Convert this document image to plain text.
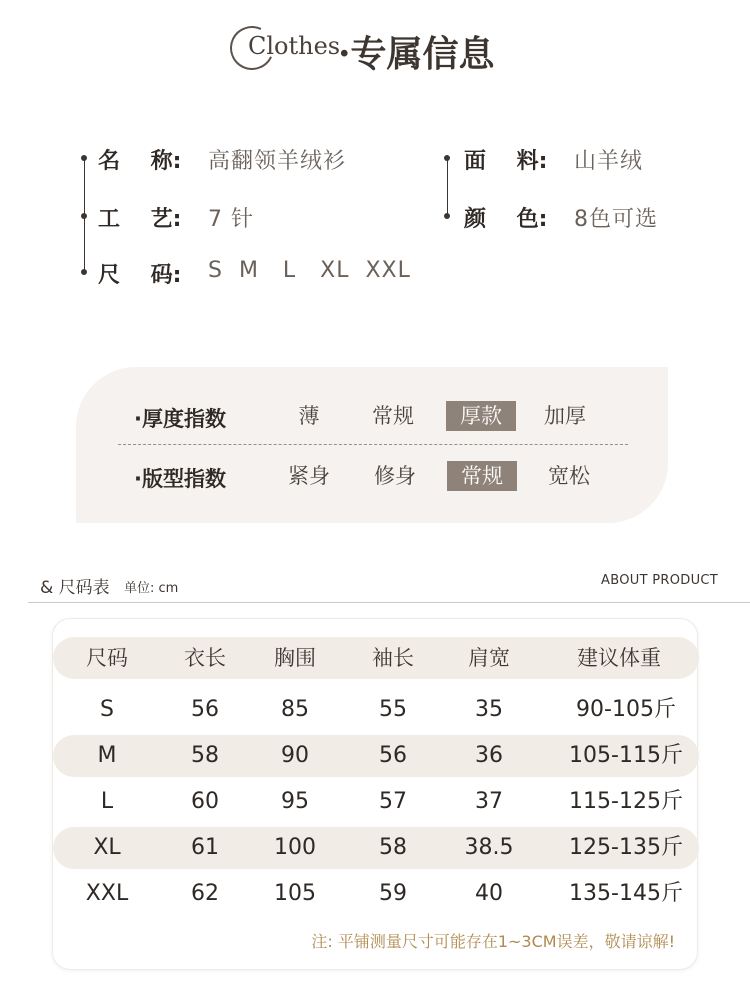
Clothes
·专属信息
名    称: 高翻领羊绒衫
工    艺: 7 针
尺    码: S  M   L   XL  XXL
面    料: 山羊绒
颜    色: 8色可选
·厚度指数	薄	常规	厚款	加厚
·版型指数	紧身	修身	常规	宽松
& 尺码表 单位: cm
ABOUT PRODUCT
尺码	衣长	胸围	袖长	肩宽	建议体重
S	56	85	55	35	90-105斤
M	58	90	56	36	105-115斤
L	60	95	57	37	115-125斤
XL	61	100	58	38.5	125-135斤
XXL	62	105	59	40	135-145斤
注: 平铺测量尺寸可能存在1~3CM误差，敬请谅解!
